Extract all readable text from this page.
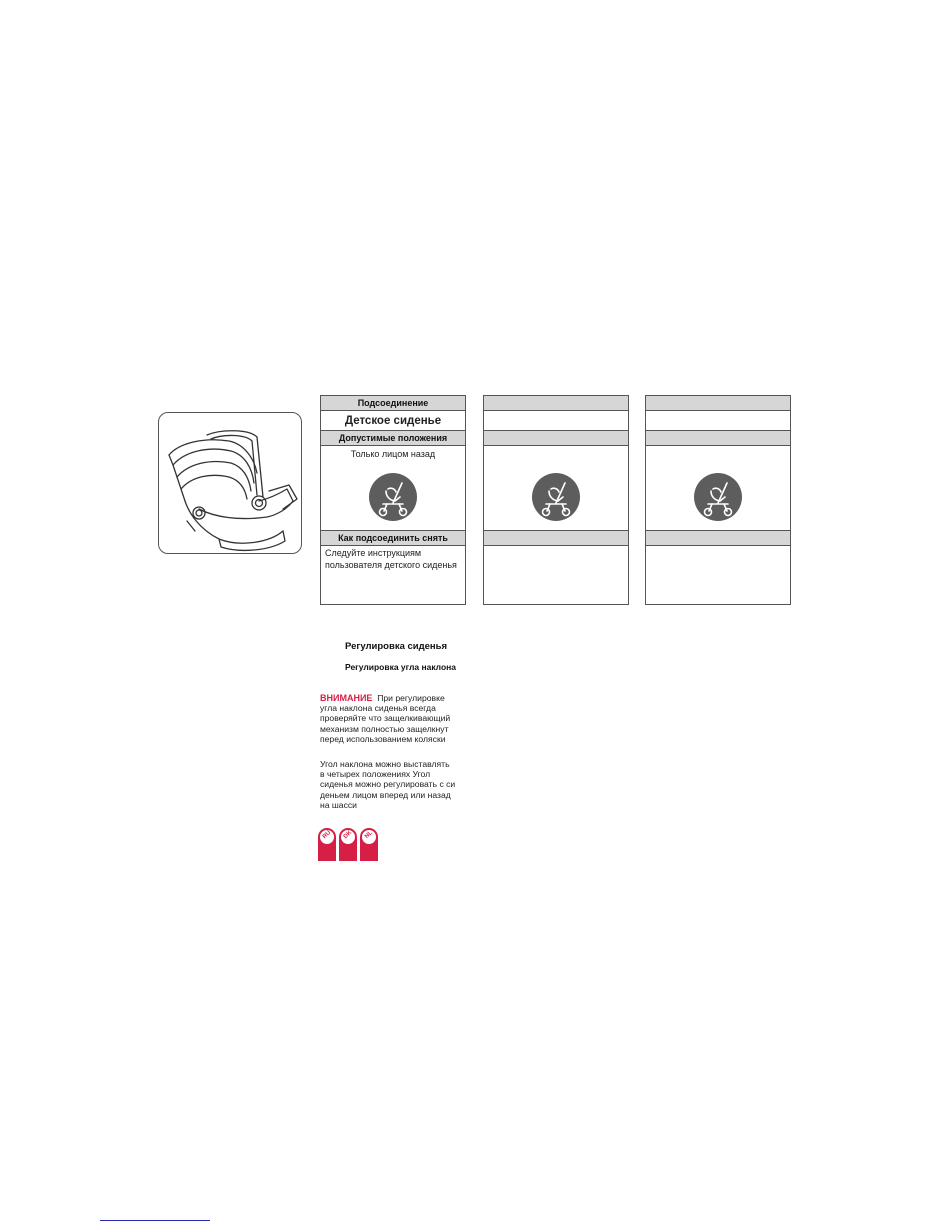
Подсоединение
Детское сиденье
Допустимые положения
Только лицом назад
Как подсоединить снять
Следуйте инструкциям
пользователя детского сиденья
Регулировка сиденья
Регулировка угла наклона
ВНИМАНИЕ При регулировке
угла наклона сиденья всегда
проверяйте что защелкивающий
механизм полностью защелкнут
перед использованием коляски
Угол наклона можно выставлять
в четырех положениях Угол
сиденья можно регулировать с си
деньем лицом вперед или назад
на шасси
RU	DK	NL
